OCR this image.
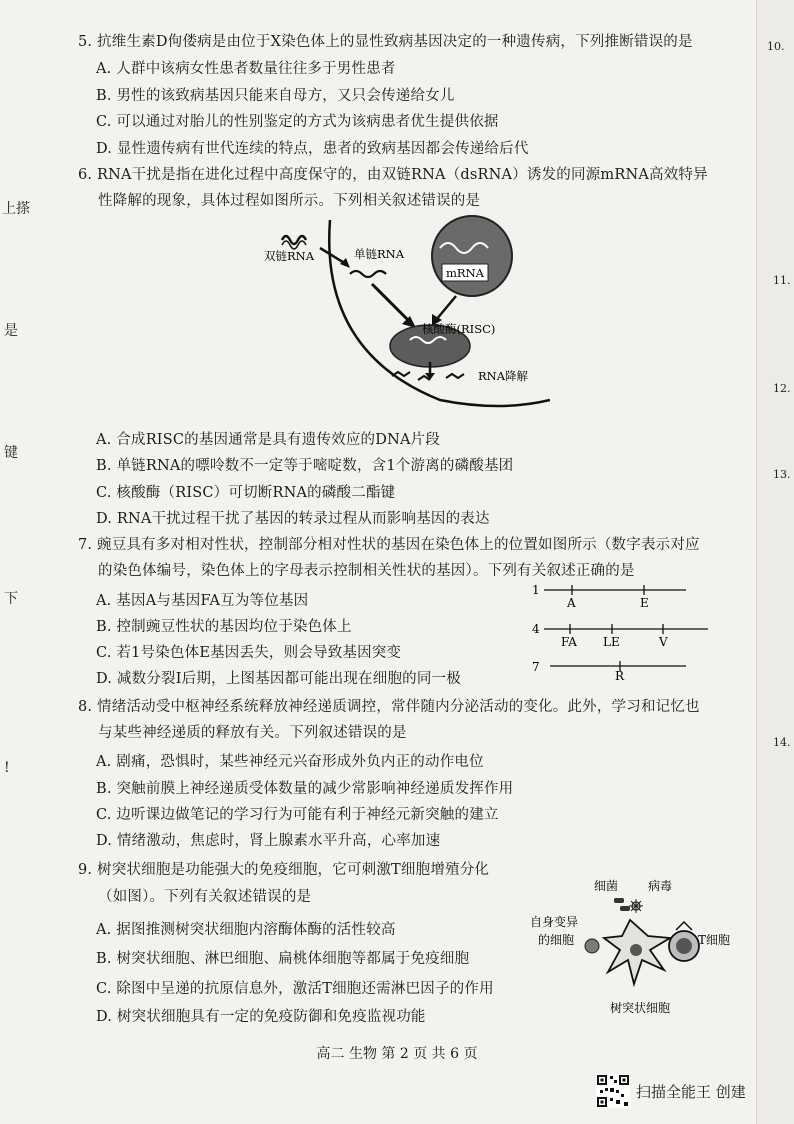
上搽
是
键
下
!
10.
11.
12.
13.
14.
5. 抗维生素D佝偻病是由位于X染色体上的显性致病基因决定的一种遗传病，下列推断错误的是
A. 人群中该病女性患者数量往往多于男性患者
B. 男性的该致病基因只能来自母方，又只会传递给女儿
C. 可以通过对胎儿的性别鉴定的方式为该病患者优生提供依据
D. 显性遗传病有世代连续的特点，患者的致病基因都会传递给后代
6. RNA干扰是指在进化过程中高度保守的，由双链RNA（dsRNA）诱发的同源mRNA高效特异
性降解的现象，具体过程如图所示。下列相关叙述错误的是
双链RNA	单链RNA
mRNA
核酸酶(RISC)
RNA降解
A. 合成RISC的基因通常是具有遗传效应的DNA片段
B. 单链RNA的嘌呤数不一定等于嘧啶数，含1个游离的磷酸基团
C. 核酸酶（RISC）可切断RNA的磷酸二酯键
D. RNA干扰过程干扰了基因的转录过程从而影响基因的表达
7. 豌豆具有多对相对性状，控制部分相对性状的基因在染色体上的位置如图所示（数字表示对应
的染色体编号，染色体上的字母表示控制相关性状的基因）。下列有关叙述正确的是
A. 基因A与基因FA互为等位基因
B. 控制豌豆性状的基因均位于染色体上
C. 若1号染色体E基因丢失，则会导致基因突变
D. 减数分裂Ⅰ后期，上图基因都可能出现在细胞的同一极
1
A	E
4
FA LE	V
7
R
8. 情绪活动受中枢神经系统释放神经递质调控，常伴随内分泌活动的变化。此外，学习和记忆也
与某些神经递质的释放有关。下列叙述错误的是
A. 剧痛，恐惧时，某些神经元兴奋形成外负内正的动作电位
B. 突触前膜上神经递质受体数量的减少常影响神经递质发挥作用
C. 边听课边做笔记的学习行为可能有利于神经元新突触的建立
D. 情绪激动，焦虑时，肾上腺素水平升高，心率加速
9. 树突状细胞是功能强大的免疫细胞，它可刺激T细胞增殖分化
（如图）。下列有关叙述错误的是
A. 据图推测树突状细胞内溶酶体酶的活性较高
B. 树突状细胞、淋巴细胞、扁桃体细胞等都属于免疫细胞
C. 除图中呈递的抗原信息外，激活T细胞还需淋巴因子的作用
D. 树突状细胞具有一定的免疫防御和免疫监视功能
细菌 病毒
自身变异
的细胞	T细胞
树突状细胞
高二 生物 第 2 页 共 6 页
扫描全能王 创建
